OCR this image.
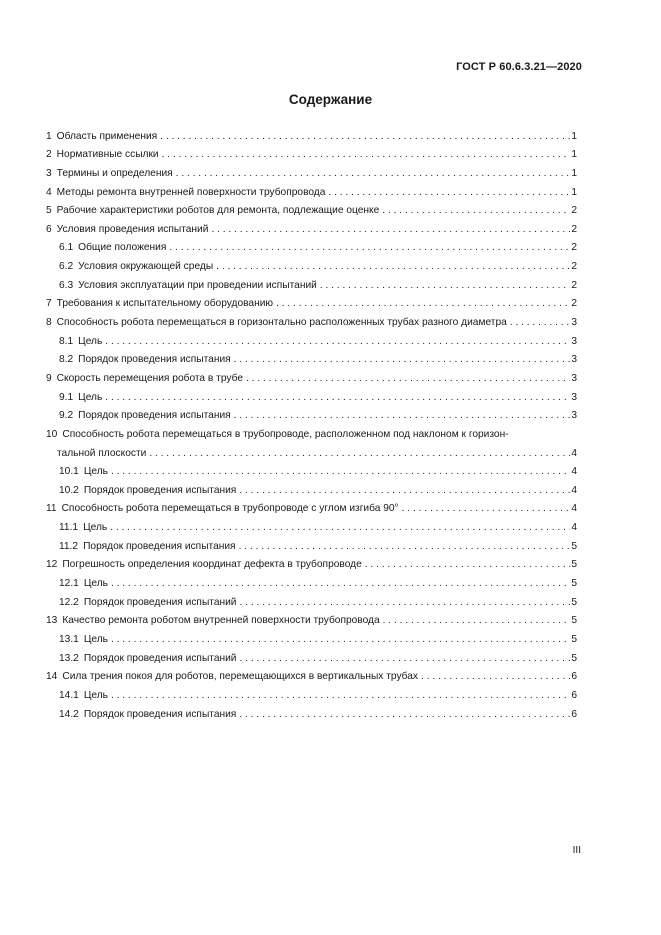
ГОСТ Р 60.6.3.21—2020
Содержание
1 Область применения . . .	1
2 Нормативные ссылки . . .	1
3 Термины и определения . . .	1
4 Методы ремонта внутренней поверхности трубопровода . . .	1
5 Рабочие характеристики роботов для ремонта, подлежащие оценке . . .	2
6 Условия проведения испытаний . . .	2
6.1 Общие положения . . .	2
6.2 Условия окружающей среды . . .	2
6.3 Условия эксплуатации при проведении испытаний . . .	2
7 Требования к испытательному оборудованию . . .	2
8 Способность робота перемещаться в горизонтально расположенных трубах разного диаметра . . .	3
8.1 Цель . . .	3
8.2 Порядок проведения испытания . . .	3
9 Скорость перемещения робота в трубе . . .	3
9.1 Цель . . .	3
9.2 Порядок проведения испытания . . .	3
10 Способность робота перемещаться в трубопроводе, расположенном под наклоном к горизон-
тальной плоскости . . .	4
10.1 Цель . . .	4
10.2 Порядок проведения испытания . . .	4
11 Способность робота перемещаться в трубопроводе с углом изгиба 90° . . .	4
11.1 Цель . . .	4
11.2 Порядок проведения испытания . . .	5
12 Погрешность определения координат дефекта в трубопроводе . . .	5
12.1 Цель . . .	5
12.2 Порядок проведения испытаний . . .	5
13 Качество ремонта роботом внутренней поверхности трубопровода . . .	5
13.1 Цель . . .	5
13.2 Порядок проведения испытаний . . .	5
14 Сила трения покоя для роботов, перемещающихся в вертикальных трубах . . .	6
14.1 Цель . . .	6
14.2 Порядок проведения испытания . . .	6
III
